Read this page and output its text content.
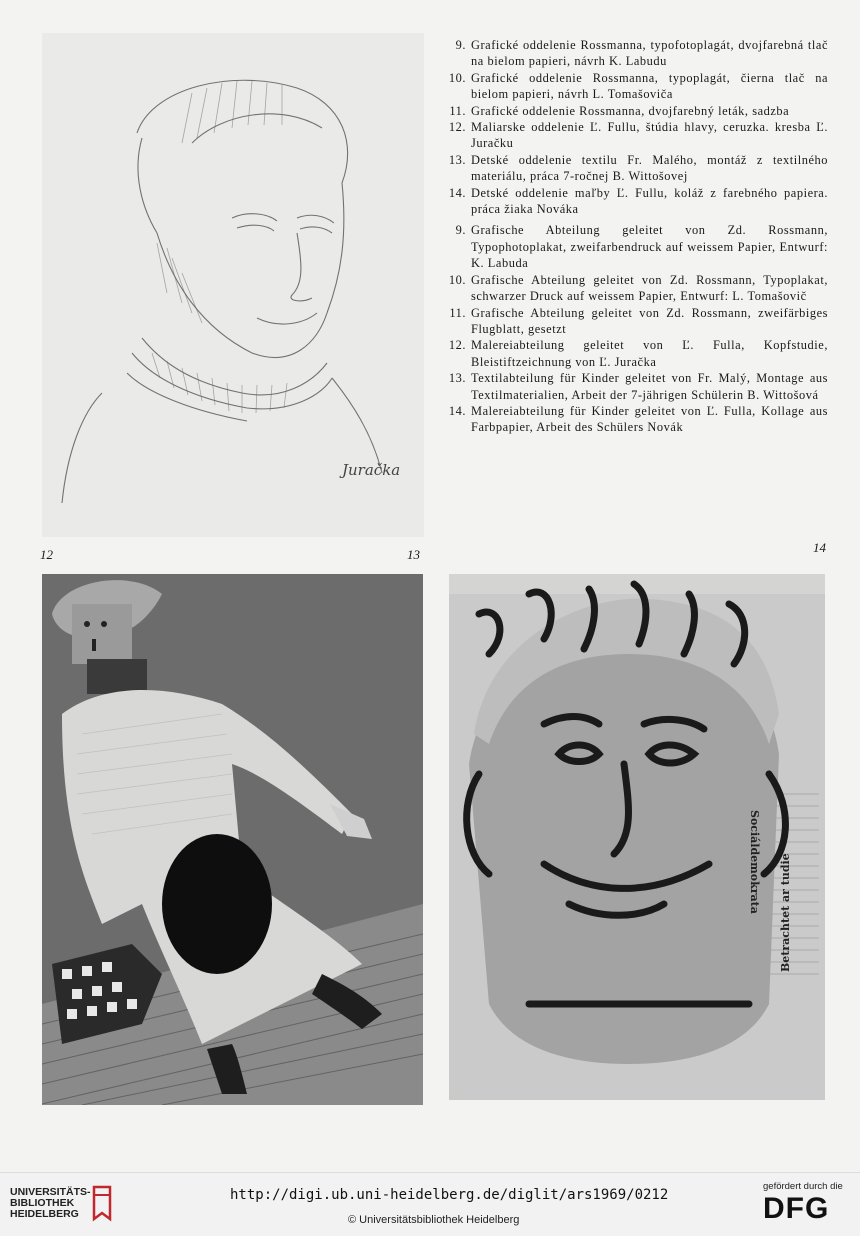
Juračka
Sociáldemokrata Betrachtet ar tudie
12	13	14
9. Grafické oddelenie Rossmanna, typofotoplagát, dvojfarebná tlač na bielom papieri, návrh K. Labudu
10. Grafické oddelenie Rossmanna, typoplagát, čierna tlač na bielom papieri, návrh L. Tomašoviča
11. Grafické oddelenie Rossmanna, dvojfarebný leták, sadzba
12. Maliarske oddelenie Ľ. Fullu, štúdia hlavy, ceruzka. kresba Ľ. Juračku
13. Detské oddelenie textilu Fr. Malého, montáž z textilného materiálu, práca 7-ročnej B. Wittošovej
14. Detské oddelenie maľby Ľ. Fullu, koláž z farebného papiera. práca žiaka Nováka
9. Grafische Abteilung geleitet von Zd. Rossmann, Typophotoplakat, zweifarbendruck auf weissem Papier, Entwurf: K. Labuda
10. Grafische Abteilung geleitet von Zd. Rossmann, Typoplakat, schwarzer Druck auf weissem Papier, Entwurf: L. Tomašovič
11. Grafische Abteilung geleitet von Zd. Rossmann, zweifärbiges Flugblatt, gesetzt
12. Malereiabteilung geleitet von Ľ. Fulla, Kopfstudie, Bleistiftzeichnung von Ľ. Juračka
13. Textilabteilung für Kinder geleitet von Fr. Malý, Montage aus Textilmaterialien, Arbeit der 7-jährigen Schülerin B. Wittošová
14. Malereiabteilung für Kinder geleitet von Ľ. Fulla, Kollage aus Farbpapier, Arbeit des Schülers Novák
UNIVERSITÄTS-
BIBLIOTHEK
HEIDELBERG
http://digi.ub.uni-heidelberg.de/diglit/ars1969/0212
© Universitätsbibliothek Heidelberg
gefördert durch die
DFG
